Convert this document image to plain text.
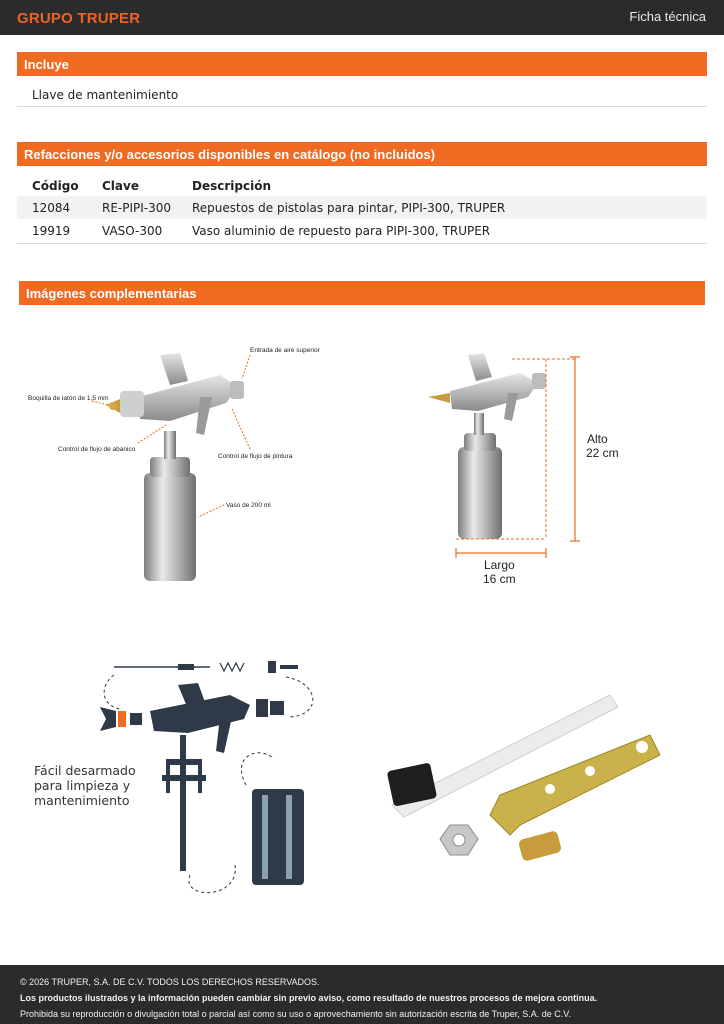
GRUPO TRUPER	Ficha técnica
Incluye
Llave de mantenimiento
Refacciones y/o accesorios disponibles en catálogo (no incluidos)
Código Clave	Descripción
12084	RE-PIPI-300 Repuestos de pistolas para pintar, PIPI-300, TRUPER
19919	VASO-300 Vaso aluminio de repuesto para PIPI-300, TRUPER
Imágenes complementarias
Entrada de aire superior
Boquilla de latón de 1,5 mm
Control de flujo de abanico
Control de flujo de pintura
Vaso de 200 ml
Alto
22 cm
Largo
16 cm
Fácil desarmado
para limpieza y
mantenimiento
© 2026 TRUPER, S.A. DE C.V. TODOS LOS DERECHOS RESERVADOS.
Los productos ilustrados y la información pueden cambiar sin previo aviso, como resultado de nuestros procesos de mejora continua.
Prohibida su reproducción o divulgación total o parcial así como su uso o aprovechamiento sin autorización escrita de Truper, S.A. de C.V.
